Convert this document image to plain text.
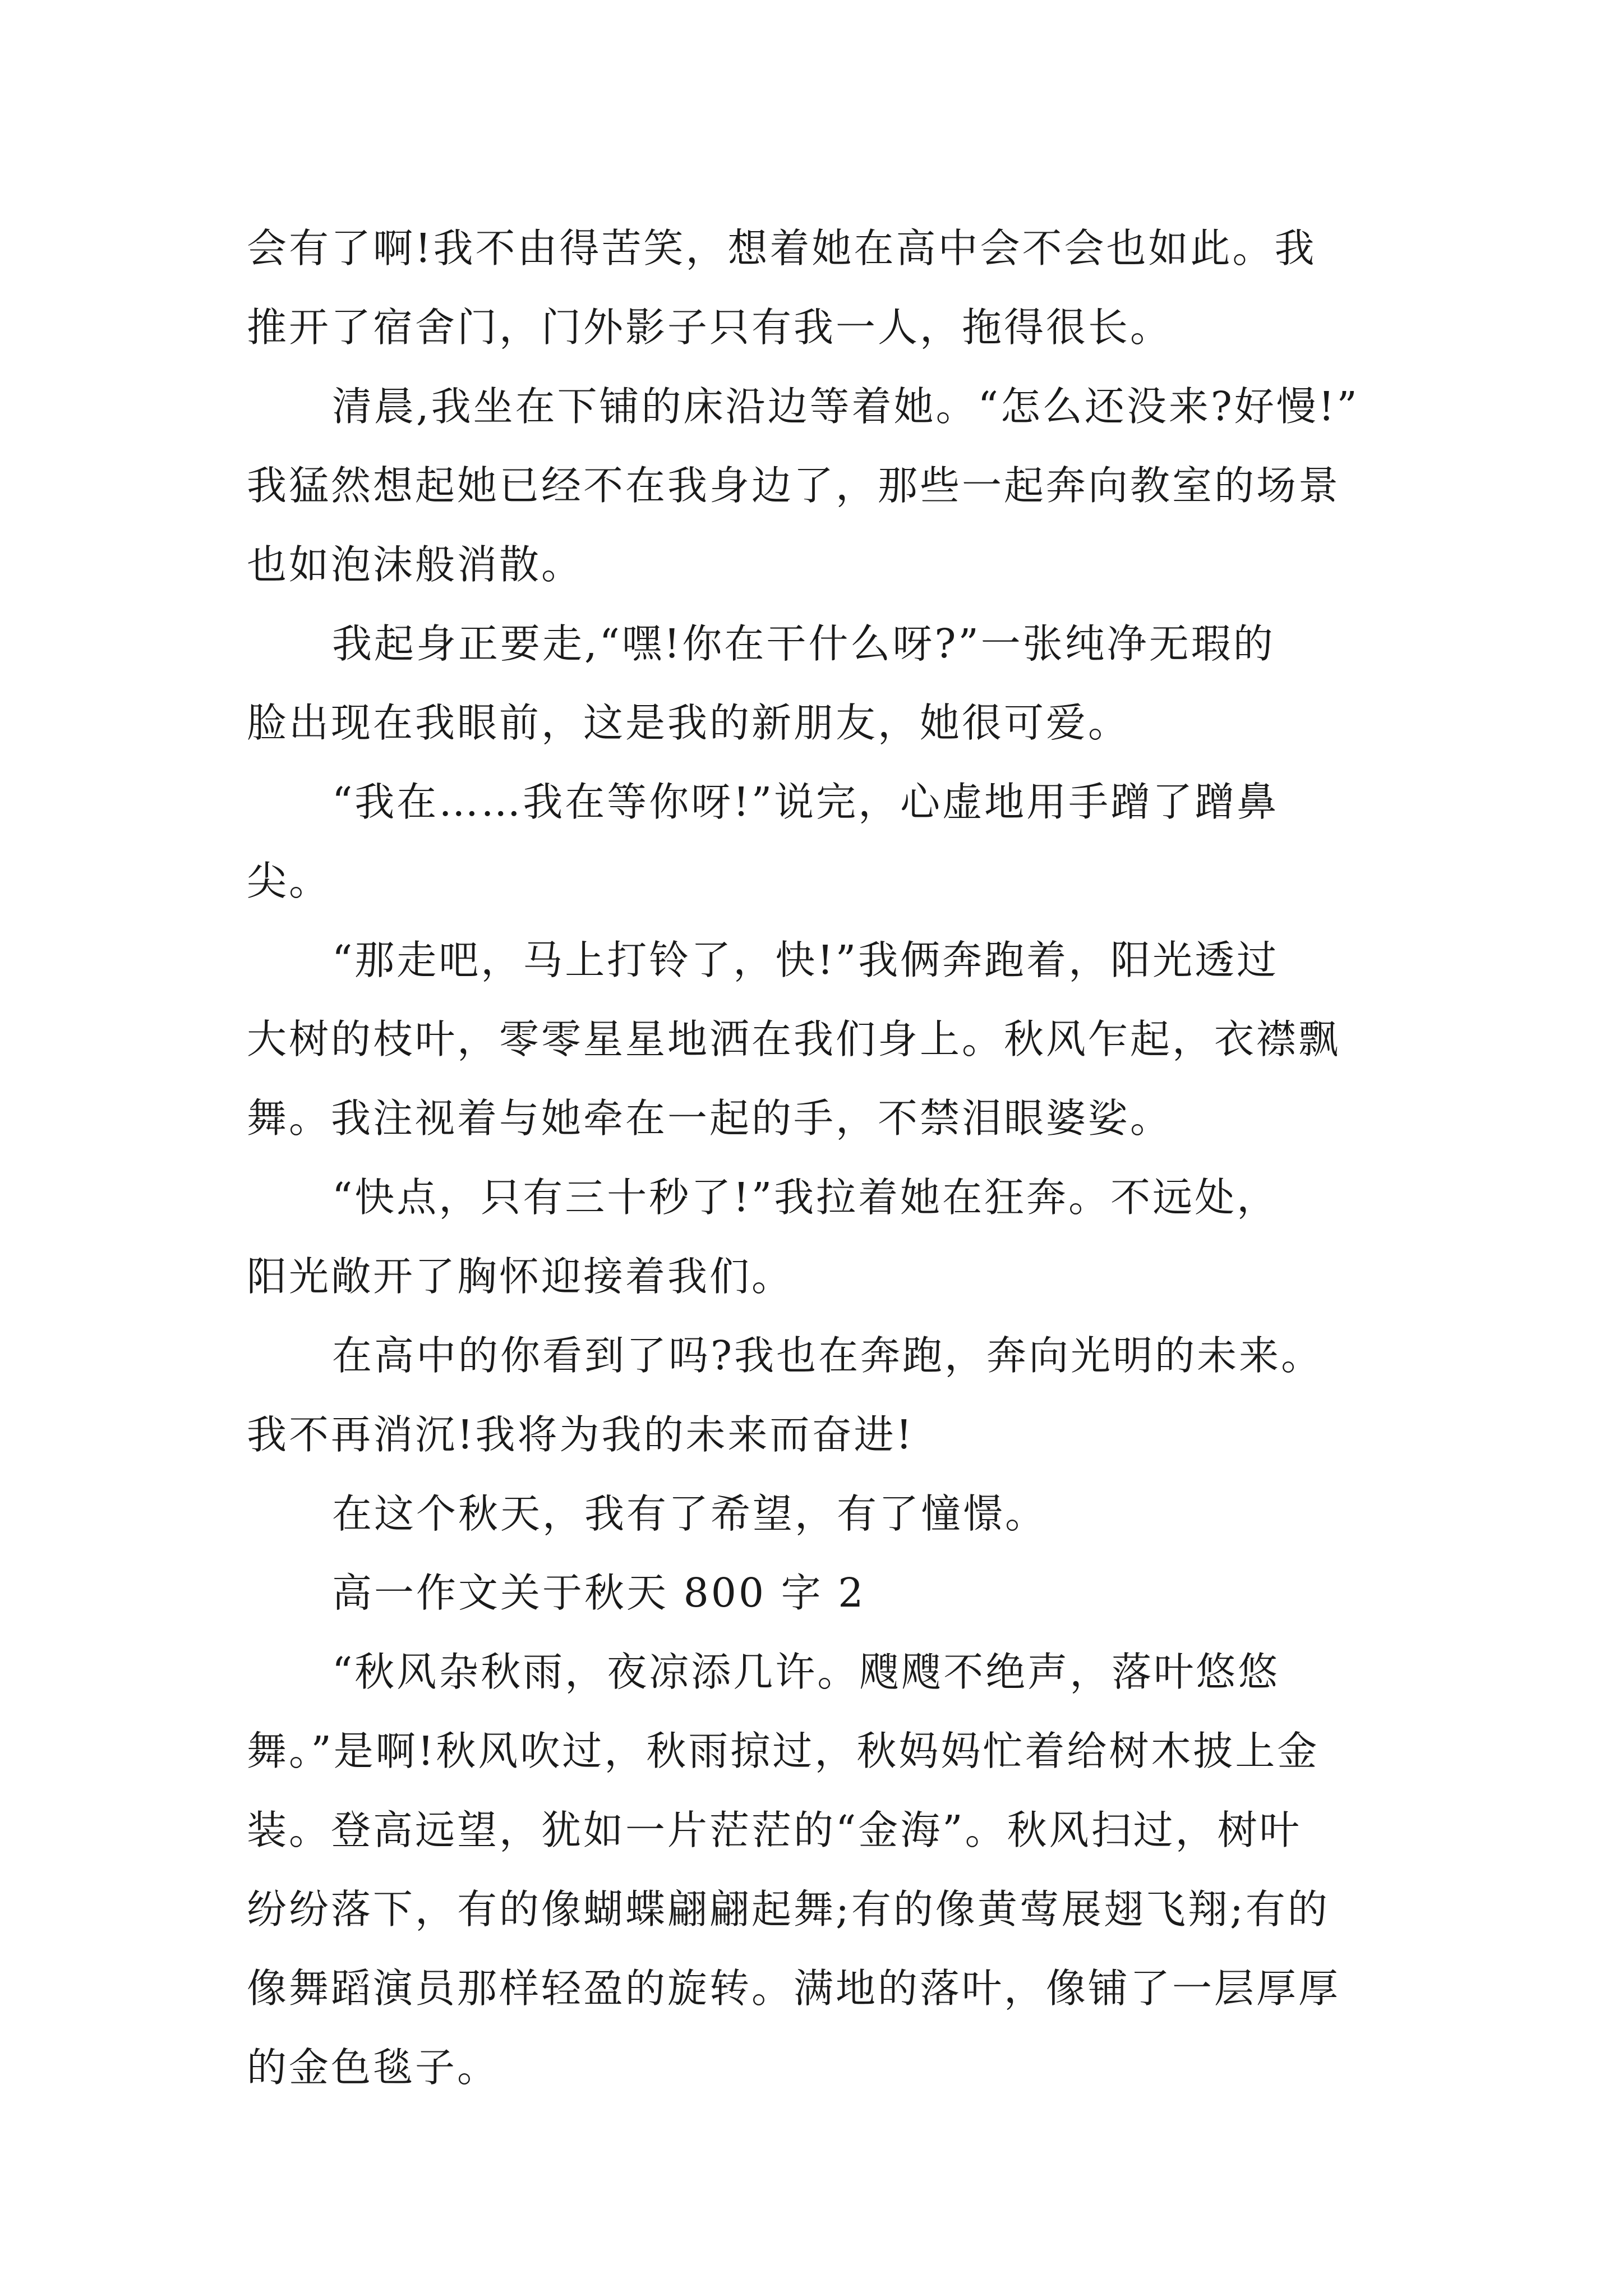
会有了啊!我不由得苦笑，想着她在高中会不会也如此。我
推开了宿舍门，门外影子只有我一人，拖得很长。
清晨,我坐在下铺的床沿边等着她。“怎么还没来?好慢!”
我猛然想起她已经不在我身边了，那些一起奔向教室的场景
也如泡沫般消散。
我起身正要走,“嘿!你在干什么呀?”一张纯净无瑕的
脸出现在我眼前，这是我的新朋友，她很可爱。
“我在……我在等你呀!”说完，心虚地用手蹭了蹭鼻
尖。
“那走吧，马上打铃了，快!”我俩奔跑着，阳光透过
大树的枝叶，零零星星地洒在我们身上。秋风乍起，衣襟飘
舞。我注视着与她牵在一起的手，不禁泪眼婆娑。
“快点，只有三十秒了!”我拉着她在狂奔。不远处，
阳光敞开了胸怀迎接着我们。
在高中的你看到了吗?我也在奔跑，奔向光明的未来。
我不再消沉!我将为我的未来而奋进!
在这个秋天，我有了希望，有了憧憬。
高一作文关于秋天 800 字 2
“秋风杂秋雨，夜凉添几许。飕飕不绝声，落叶悠悠
舞。”是啊!秋风吹过，秋雨掠过，秋妈妈忙着给树木披上金
装。登高远望，犹如一片茫茫的“金海”。秋风扫过，树叶
纷纷落下，有的像蝴蝶翩翩起舞;有的像黄莺展翅飞翔;有的
像舞蹈演员那样轻盈的旋转。满地的落叶，像铺了一层厚厚
的金色毯子。
